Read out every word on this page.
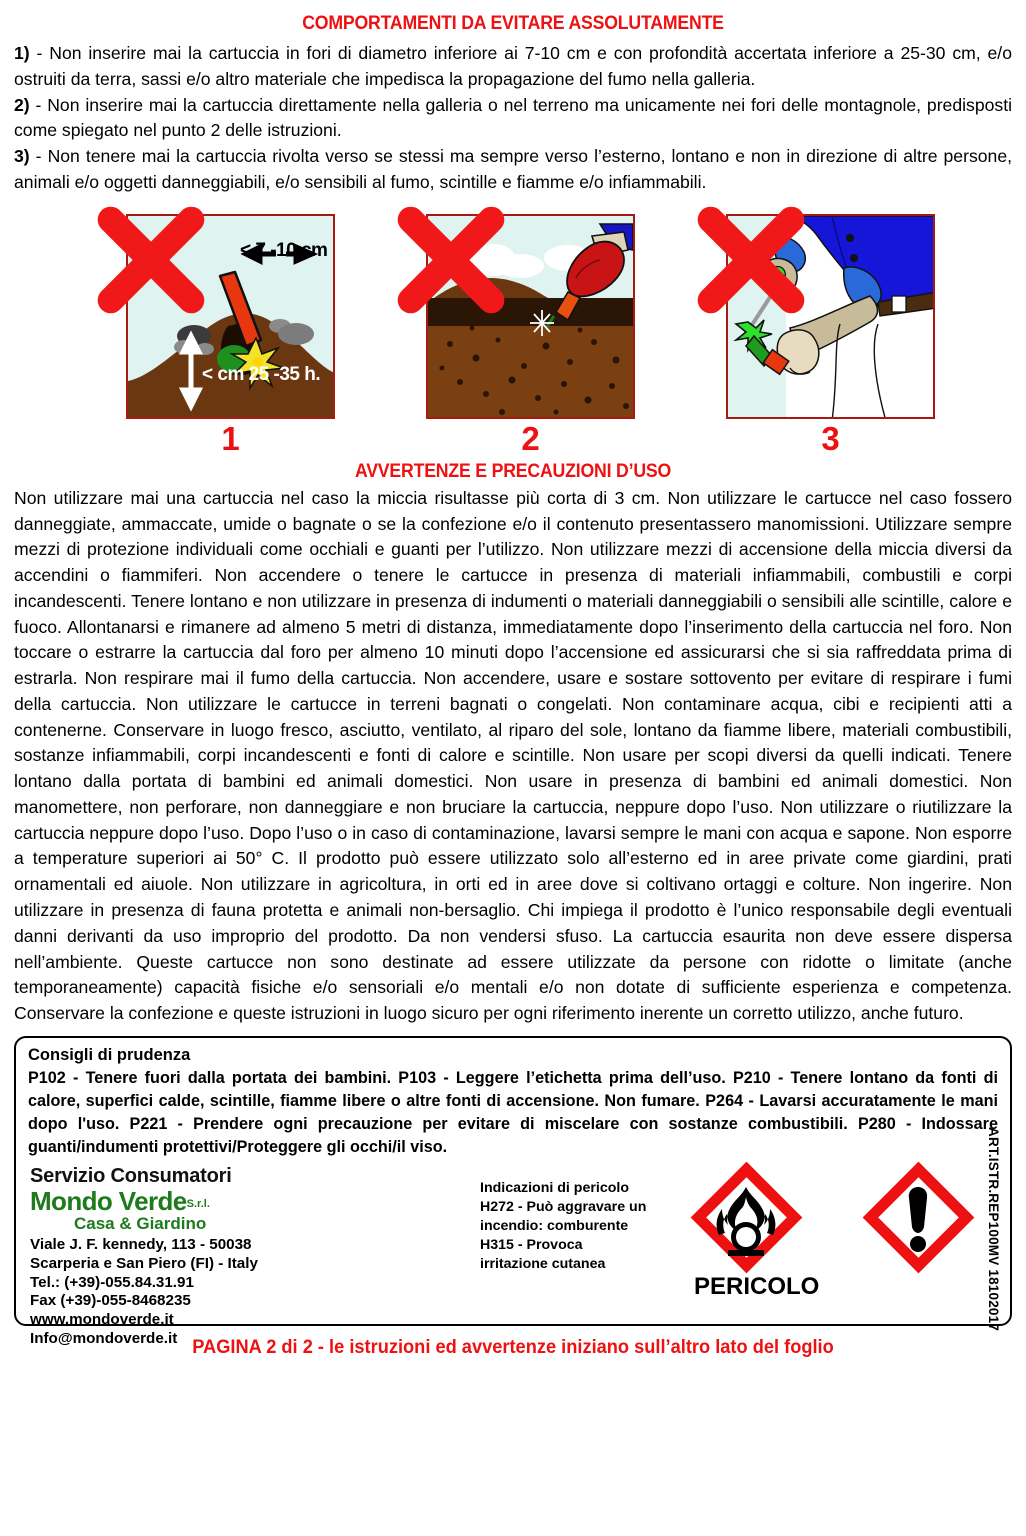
COMPORTAMENTI DA EVITARE ASSOLUTAMENTE

1) - Non inserire mai la cartuccia in fori di diametro inferiore ai 7-10 cm e con profondità accertata inferiore a 25-30 cm, e/o ostruiti da terra, sassi e/o altro materiale che impedisca la propagazione del fumo nella galleria.

2) - Non inserire mai la cartuccia direttamente nella galleria o nel terreno ma unicamente nei fori delle montagnole, predisposti come spiegato nel punto 2 delle istruzioni.

3) - Non tenere mai la cartuccia rivolta verso se stessi ma sempre verso l’esterno, lontano e non in direzione di altre persone, animali e/o oggetti danneggiabili, e/o sensibili al fumo, scintille e fiamme e/o infiammabili.

< 7 -10 cm
< cm 25 -35 h.
1	2	3
AVVERTENZE E PRECAUZIONI D’USO
Non utilizzare mai una cartuccia nel caso la miccia risultasse più corta di 3 cm. Non utilizzare le cartucce nel caso fossero danneggiate, ammaccate, umide o bagnate o se la confezione e/o il contenuto presentassero manomissioni. Utilizzare sempre mezzi di protezione individuali come occhiali e guanti per l’utilizzo. Non utilizzare mezzi di accensione della miccia diversi da accendini o fiammiferi. Non accendere o tenere le cartucce in presenza di materiali infiammabili, combustili e corpi incandescenti. Tenere lontano e non utilizzare in presenza di indumenti o materiali danneggiabili o sensibili alle scintille, calore e fuoco. Allontanarsi e rimanere ad almeno 5 metri di distanza, immediatamente dopo l’inserimento della cartuccia nel foro. Non toccare o estrarre la cartuccia dal foro per almeno 10 minuti dopo l’accensione ed assicurarsi che si sia raffreddata prima di estrarla. Non respirare mai il fumo della cartuccia. Non accendere, usare e sostare sottovento per evitare di respirare i fumi della cartuccia. Non utilizzare le cartucce in terreni bagnati o congelati. Non contaminare acqua, cibi e recipienti atti a contenerne. Conservare in luogo fresco, asciutto, ventilato, al riparo del sole, lontano da fiamme libere, materiali combustibili, sostanze infiammabili, corpi incandescenti e fonti di calore e scintille. Non usare per scopi diversi da quelli indicati. Tenere lontano dalla portata di bambini ed animali domestici. Non usare in presenza di bambini ed animali domestici. Non manomettere, non perforare, non danneggiare e non bruciare la cartuccia, neppure dopo l’uso. Non utilizzare o riutilizzare la cartuccia neppure dopo l’uso. Dopo l’uso o in caso di contaminazione, lavarsi sempre le mani con acqua e sapone. Non esporre a temperature superiori ai 50° C. Il prodotto può essere utilizzato solo all’esterno ed in aree private come giardini, prati ornamentali ed aiuole. Non utilizzare in agricoltura, in orti ed in aree dove si coltivano ortaggi e colture. Non ingerire. Non utilizzare in presenza di fauna protetta e animali non-bersaglio. Chi impiega il prodotto è l’unico responsabile degli eventuali danni derivanti da uso improprio del prodotto. Da non vendersi sfuso. La cartuccia esaurita non deve essere dispersa nell’ambiente. Queste cartucce non sono destinate ad essere utilizzate da persone con ridotte o limitate (anche temporaneamente) capacità fisiche e/o sensoriali e/o mentali e/o non dotate di sufficiente esperienza e competenza. Conservare la confezione e queste istruzioni in luogo sicuro per ogni riferimento inerente un corretto utilizzo, anche futuro.
Consigli di prudenza
P102 - Tenere fuori dalla portata dei bambini. P103 - Leggere l’etichetta prima dell’uso. P210 - Tenere lontano da fonti di calore, superfici calde, scintille, fiamme libere o altre fonti di accensione. Non fumare. P264 - Lavarsi accuratamente le mani dopo l'uso. P221 - Prendere ogni precauzione per evitare di miscelare con sostanze combustibili. P280 - Indossare guanti/indumenti protettivi/Proteggere gli occhi/il viso.
Servizio Consumatori
Mondo VerdeS.r.l.
Casa & Giardino
Viale J. F. kennedy, 113 - 50038
Scarperia e San Piero (FI) - Italy
Tel.: (+39)-055.84.31.91
Fax (+39)-055-8468235
www.mondoverde.it
Info@mondoverde.it
Indicazioni di pericolo
H272 - Può aggravare un
incendio: comburente
H315 - Provoca
irritazione cutanea
PERICOLO	ART.ISTR.REP100MV 18102017
PAGINA 2 di 2 - le istruzioni ed avvertenze iniziano sull’altro lato del foglio
